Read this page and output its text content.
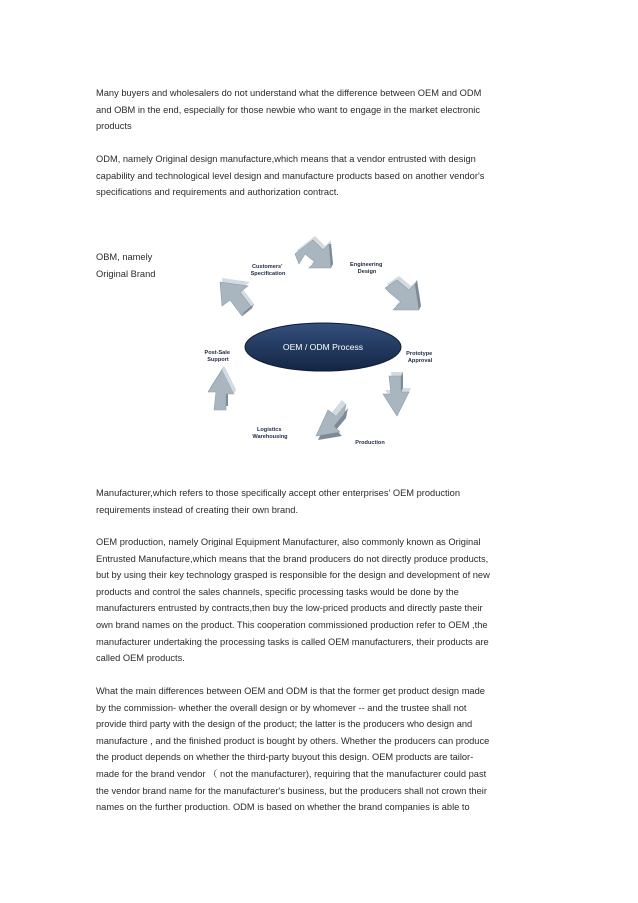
Many buyers and wholesalers do not understand what the difference between OEM and ODM
and OBM in the end, especially for those newbie who want to engage in the market electronic
products

ODM, namely Original design manufacture,which means that a vendor entrusted with design
capability and technological level design and manufacture products based on another vendor's
specifications and requirements and authorization contract.

OBM, namely
Original Brand

OEM / ODM Process
Customers' Specification
Engineering Design
Prototype Approval
Production
Logistics Warehousing
Post-Sale Support

Manufacturer,which refers to those specifically accept other enterprises' OEM production
requirements instead of creating their own brand.

OEM production, namely Original Equipment Manufacturer, also commonly known as Original
Entrusted Manufacture,which means that the brand producers do not directly produce products,
but by using their key technology grasped is responsible for the design and development of new
products and control the sales channels, specific processing tasks would be done by the
manufacturers entrusted by contracts,then buy the low-priced products and directly paste their
own brand names on the product. This cooperation commissioned production refer to OEM ,the
manufacturer undertaking the processing tasks is called OEM manufacturers, their products are
called OEM products.

What the main differences between OEM and ODM is that the former get product design made
by the commission- whether the overall design or by whomever -- and the trustee shall not
provide third party with the design of the product; the latter is the producers who design and
manufacture , and the finished product is bought by others. Whether the producers can produce
the product depends on whether the third-party buyout this design. OEM products are tailor-
made for the brand vendor （ not the manufacturer), requiring that the manufacturer could past
the vendor brand name for the manufacturer's business, but the producers shall not crown their
names on the further production. ODM is based on whether the brand companies is able to
